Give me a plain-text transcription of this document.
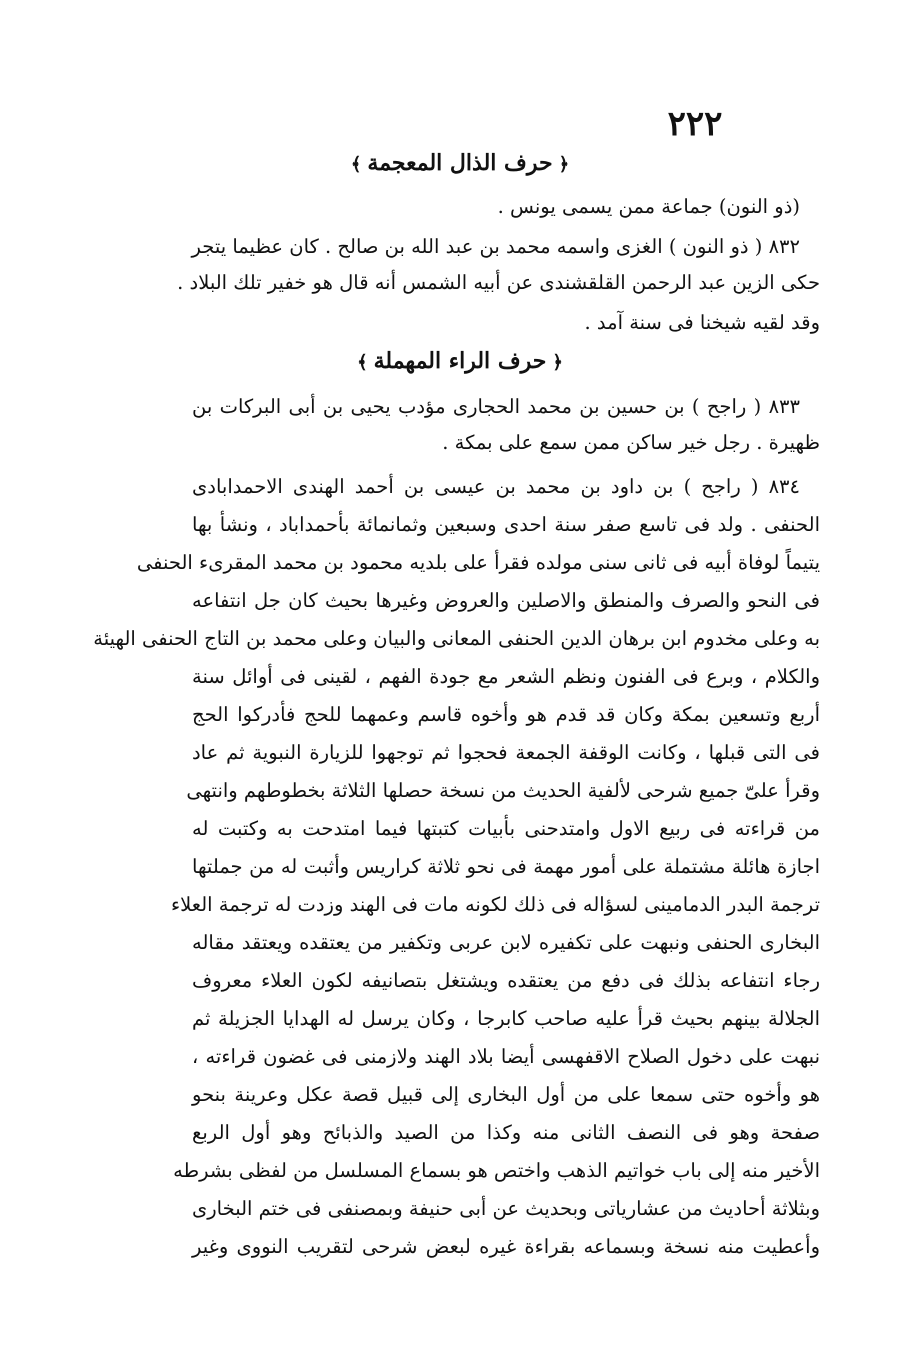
٢٢٢
﴿حرف الذال المعجمة﴾
(ذو النون) جماعة ممن يسمى يونس .
٨٣٢ ( ذو النون ) الغزى واسمه محمد بن عبد الله بن صالح . كان عظيما يتجر
حكى الزين عبد الرحمن القلقشندى عن أبيه الشمس أنه قال هو خفير تلك البلاد .
وقد لقيه شيخنا فى سنة آمد .
﴿حرف الراء المهملة﴾
٨٣٣ ( راجح ) بن حسين بن محمد الحجارى مؤدب يحيى بن أبى البركات بن
ظهيرة . رجل خير ساكن ممن سمع على بمكة .
٨٣٤ ( راجح ) بن داود بن محمد بن عيسى بن أحمد الهندى الاحمدابادى
الحنفى . ولد فى تاسع صفر سنة احدى وسبعين وثمانمائة بأحمداباد ، ونشأ بها
يتيماً لوفاة أبيه فى ثانى سنى مولده فقرأ على بلديه محمود بن محمد المقرىء الحنفى
فى النحو والصرف والمنطق والاصلين والعروض وغيرها بحيث كان جل انتفاعه
به وعلى مخدوم ابن برهان الدين الحنفى المعانى والبيان وعلى محمد بن التاج الحنفى الهيئة
والكلام ، وبرع فى الفنون ونظم الشعر مع جودة الفهم ، لقينى فى أوائل سنة
أربع وتسعين بمكة وكان قد قدم هو وأخوه قاسم وعمهما للحج فأدركوا الحج
فى التى قبلها ، وكانت الوقفة الجمعة فحجوا ثم توجهوا للزيارة النبوية ثم عاد
وقرأ علىّ جميع شرحى لألفية الحديث من نسخة حصلها الثلاثة بخطوطهم وانتهى
من قراءته فى ربيع الاول وامتدحنى بأبيات كتبتها فيما امتدحت به وكتبت له
اجازة هائلة مشتملة على أمور مهمة فى نحو ثلاثة كراريس وأثبت له من جملتها
ترجمة البدر الدمامينى لسؤاله فى ذلك لكونه مات فى الهند وزدت له ترجمة العلاء
البخارى الحنفى ونبهت على تكفيره لابن عربى وتكفير من يعتقده ويعتقد مقاله
رجاء انتفاعه بذلك فى دفع من يعتقده ويشتغل بتصانيفه لكون العلاء معروف
الجلالة بينهم بحيث قرأ عليه صاحب كابرجا ، وكان يرسل له الهدايا الجزيلة ثم
نبهت على دخول الصلاح الاقفهسى أيضا بلاد الهند ولازمنى فى غضون قراءته ،
هو وأخوه حتى سمعا على من أول البخارى إلى قبيل قصة عكل وعرينة بنحو
صفحة وهو فى النصف الثانى منه وكذا من الصيد والذبائح وهو أول الربع
الأخير منه إلى باب خواتيم الذهب واختص هو بسماع المسلسل من لفظى بشرطه
وبثلاثة أحاديث من عشارياتى وبحديث عن أبى حنيفة وبمصنفى فى ختم البخارى
وأعطيت منه نسخة وبسماعه بقراءة غيره لبعض شرحى لتقريب النووى وغير
